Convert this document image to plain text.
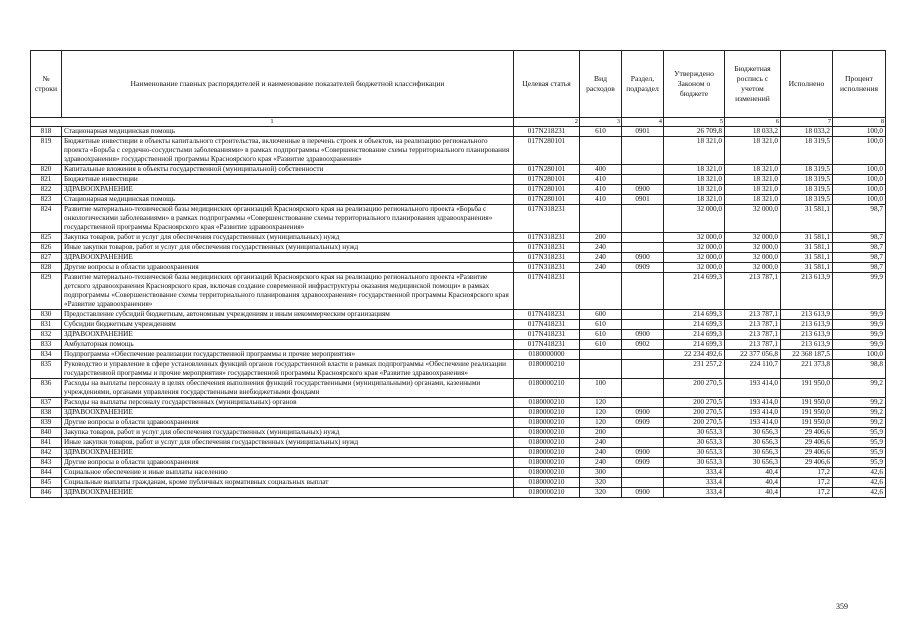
№ строки	Наименование главных распорядителей и наименование показателей бюджетной классификации	Целевая статья	Вид расходов	Раздел, подраздел	Утверждено Законом о бюджете	Бюджетная роспись с учетом изменений	Исполнено	Процент исполнения
1		2	3	4	5	6	7	8
818	Стационарная медицинская помощь	017N218231	610	0901	26 709,8	18 033,2	18 033,2	100,0
819	Бюджетные инвестиции в объекты капитального строительства, включенные в перечень строек и объектов, на реализацию регионального проекта «Борьба с сердечно-сосудистыми заболеваниями» в рамках подпрограммы «Совершенствование схемы территориального планирования здравоохранения» государственной программы Красноярского края «Развитие здравоохранения»	017N280101			18 321,0	18 321,0	18 319,5	100,0
820	Капитальные вложения в объекты государственной (муниципальной) собственности	017N280101	400		18 321,0	18 321,0	18 319,5	100,0
821	Бюджетные инвестиции	017N280101	410		18 321,0	18 321,0	18 319,5	100,0
822	ЗДРАВООХРАНЕНИЕ	017N280101	410	0900	18 321,0	18 321,0	18 319,5	100,0
823	Стационарная медицинская помощь	017N280101	410	0901	18 321,0	18 321,0	18 319,5	100,0
824	Развитие материально-технической базы медицинских организаций Красноярского края на реализацию регионального проекта «Борьба с онкологическими заболеваниями» в рамках подпрограммы «Совершенствование схемы территориального планирования здравоохранения» государственной программы Красноярского края «Развитие здравоохранения»	017N318231			32 000,0	32 000,0	31 581,1	98,7
825	Закупка товаров, работ и услуг для обеспечения государственных (муниципальных) нужд	017N318231	200		32 000,0	32 000,0	31 581,1	98,7
826	Иные закупки товаров, работ и услуг для обеспечения государственных (муниципальных) нужд	017N318231	240		32 000,0	32 000,0	31 581,1	98,7
827	ЗДРАВООХРАНЕНИЕ	017N318231	240	0900	32 000,0	32 000,0	31 581,1	98,7
828	Другие вопросы в области здравоохранения	017N318231	240	0909	32 000,0	32 000,0	31 581,1	98,7
829	Развитие материально-технической базы медицинских организаций Красноярского края на реализацию регионального проекта «Развитие детского здравоохранения Красноярского края, включая создание современной инфраструктуры оказания медицинской помощи» в рамках подпрограммы «Совершенствование схемы территориального планирования здравоохранения» государственной программы Красноярского края «Развитие здравоохранения»	017N418231			214 699,3	213 787,1	213 613,9	99,9
830	Предоставление субсидий бюджетным, автономным учреждениям и иным некоммерческим организациям	017N418231	600		214 699,3	213 787,1	213 613,9	99,9
831	Субсидии бюджетным учреждениям	017N418231	610		214 699,3	213 787,1	213 613,9	99,9
832	ЗДРАВООХРАНЕНИЕ	017N418231	610	0900	214 699,3	213 787,1	213 613,9	99,9
833	Амбулаторная помощь	017N418231	610	0902	214 699,3	213 787,1	213 613,9	99,9
834	Подпрограмма «Обеспечение реализации государственной программы и прочие мероприятия»	0180000000			22 234 492,6	22 377 056,8	22 368 187,5	100,0
835	Руководство и управление в сфере установленных функций органов государственной власти в рамках подпрограммы «Обеспечение реализации государственной программы и прочие мероприятия» государственной программы Красноярского края «Развитие здравоохранения»	0180000210			231 257,2	224 110,7	221 373,8	98,8
836	Расходы на выплаты персоналу в целях обеспечения выполнения функций государственными (муниципальными) органами, казенными учреждениями, органами управления государственными внебюджетными фондами	0180000210	100		200 270,5	193 414,0	191 950,0	99,2
837	Расходы на выплаты персоналу государственных (муниципальных) органов	0180000210	120		200 270,5	193 414,0	191 950,0	99,2
838	ЗДРАВООХРАНЕНИЕ	0180000210	120	0900	200 270,5	193 414,0	191 950,0	99,2
839	Другие вопросы в области здравоохранения	0180000210	120	0909	200 270,5	193 414,0	191 950,0	99,2
840	Закупка товаров, работ и услуг для обеспечения государственных (муниципальных) нужд	0180000210	200		30 653,3	30 656,3	29 406,6	95,9
841	Иные закупки товаров, работ и услуг для обеспечения государственных (муниципальных) нужд	0180000210	240		30 653,3	30 656,3	29 406,6	95,9
842	ЗДРАВООХРАНЕНИЕ	0180000210	240	0900	30 653,3	30 656,3	29 406,6	95,9
843	Другие вопросы в области здравоохранения	0180000210	240	0909	30 653,3	30 656,3	29 406,6	95,9
844	Социальное обеспечение и иные выплаты населению	0180000210	300		333,4	40,4	17,2	42,6
845	Социальные выплаты гражданам, кроме публичных нормативных социальных выплат	0180000210	320		333,4	40,4	17,2	42,6
846	ЗДРАВООХРАНЕНИЕ	0180000210	320	0900	333,4	40,4	17,2	42,6
359
